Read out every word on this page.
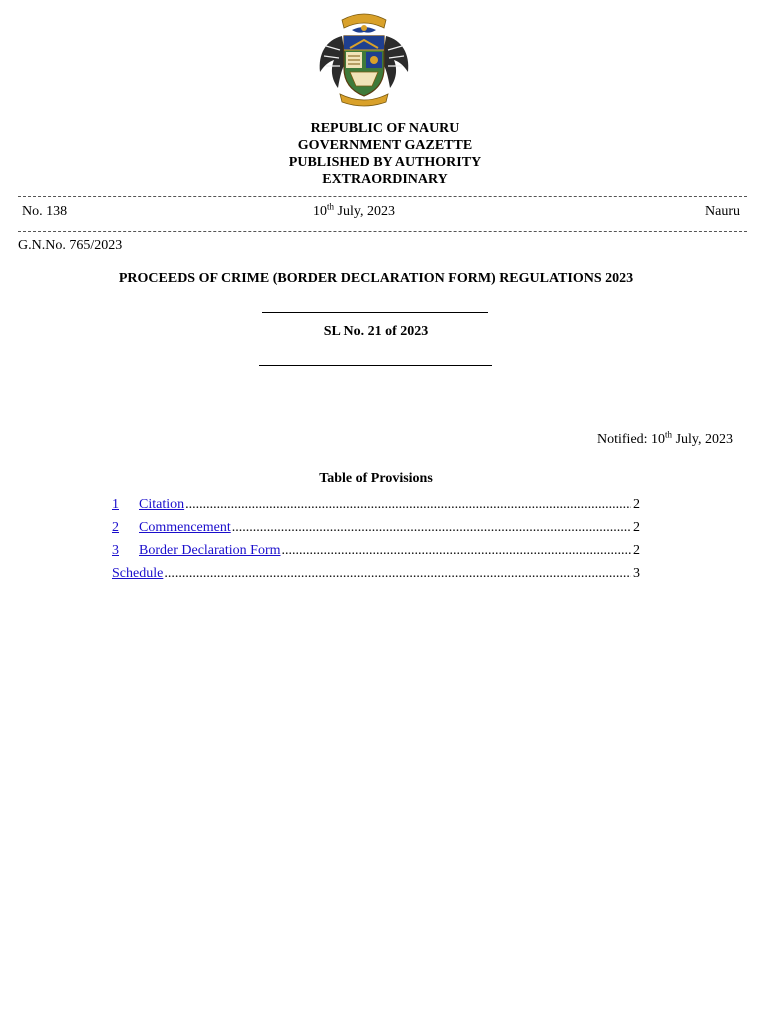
REPUBLIC OF NAURU
GOVERNMENT GAZETTE
PUBLISHED BY AUTHORITY
EXTRAORDINARY
No. 138	10th July, 2023	Nauru
G.N.No. 765/2023
PROCEEDS OF CRIME (BORDER DECLARATION FORM) REGULATIONS 2023
SL No. 21 of 2023
Notified: 10th July, 2023
Table of Provisions
1	Citation .....	2
2	Commencement .....	2
3	Border Declaration Form .....	2
Schedule .....	3
